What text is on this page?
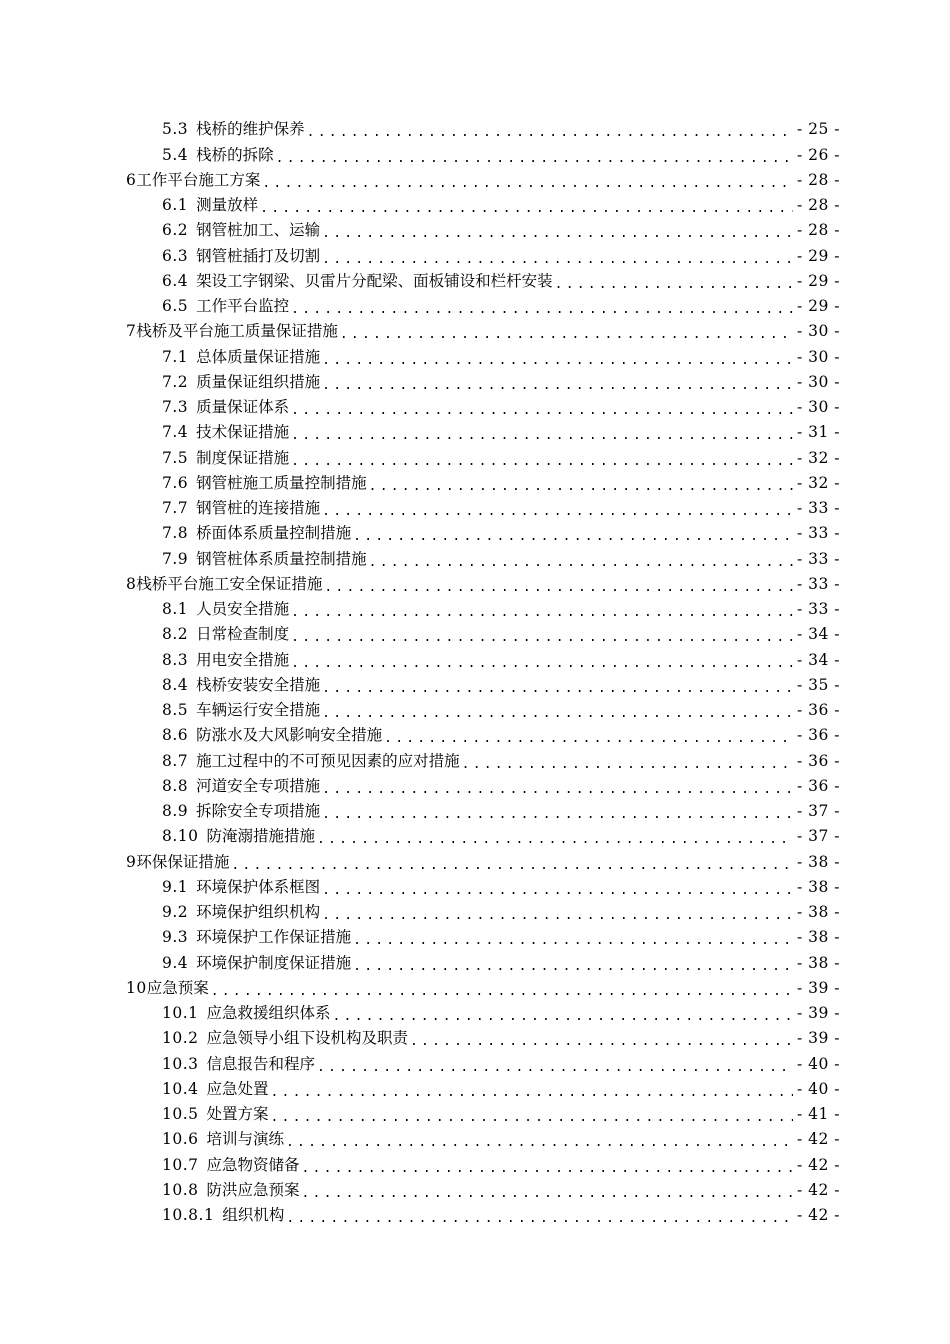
5.3 栈桥的维护保养 .....	- 25 -
5.4 栈桥的拆除 .....	- 26 -
6 工作平台施工方案 .....	- 28 -
6.1 测量放样 .....	- 28 -
6.2 钢管桩加工、运输 .....	- 28 -
6.3 钢管桩插打及切割 .....	- 29 -
6.4 架设工字钢梁、贝雷片分配梁、面板铺设和栏杆安装 .....	- 29 -
6.5 工作平台监控 .....	- 29 -
7 栈桥及平台施工质量保证措施 .....	- 30 -
7.1 总体质量保证措施 .....	- 30 -
7.2 质量保证组织措施 .....	- 30 -
7.3 质量保证体系 .....	- 30 -
7.4 技术保证措施 .....	- 31 -
7.5 制度保证措施 .....	- 32 -
7.6 钢管桩施工质量控制措施 .....	- 32 -
7.7 钢管桩的连接措施 .....	- 33 -
7.8 桥面体系质量控制措施 .....	- 33 -
7.9 钢管桩体系质量控制措施 .....	- 33 -
8 栈桥平台施工安全保证措施 .....	- 33 -
8.1 人员安全措施 .....	- 33 -
8.2 日常检查制度 .....	- 34 -
8.3 用电安全措施 .....	- 34 -
8.4 栈桥安装安全措施 .....	- 35 -
8.5 车辆运行安全措施 .....	- 36 -
8.6 防涨水及大风影响安全措施 .....	- 36 -
8.7 施工过程中的不可预见因素的应对措施 .....	- 36 -
8.8 河道安全专项措施 .....	- 36 -
8.9 拆除安全专项措施 .....	- 37 -
8.10 防淹溺措施措施 .....	- 37 -
9 环保保证措施 .....	- 38 -
9.1 环境保护体系框图 .....	- 38 -
9.2 环境保护组织机构 .....	- 38 -
9.3 环境保护工作保证措施 .....	- 38 -
9.4 环境保护制度保证措施 .....	- 38 -
10 应急预案 .....	- 39 -
10.1 应急救援组织体系 .....	- 39 -
10.2 应急领导小组下设机构及职责 .....	- 39 -
10.3 信息报告和程序 .....	- 40 -
10.4 应急处置 .....	- 40 -
10.5 处置方案 .....	- 41 -
10.6 培训与演练 .....	- 42 -
10.7 应急物资储备 .....	- 42 -
10.8 防洪应急预案 .....	- 42 -
10.8.1 组织机构 .....	- 42 -
